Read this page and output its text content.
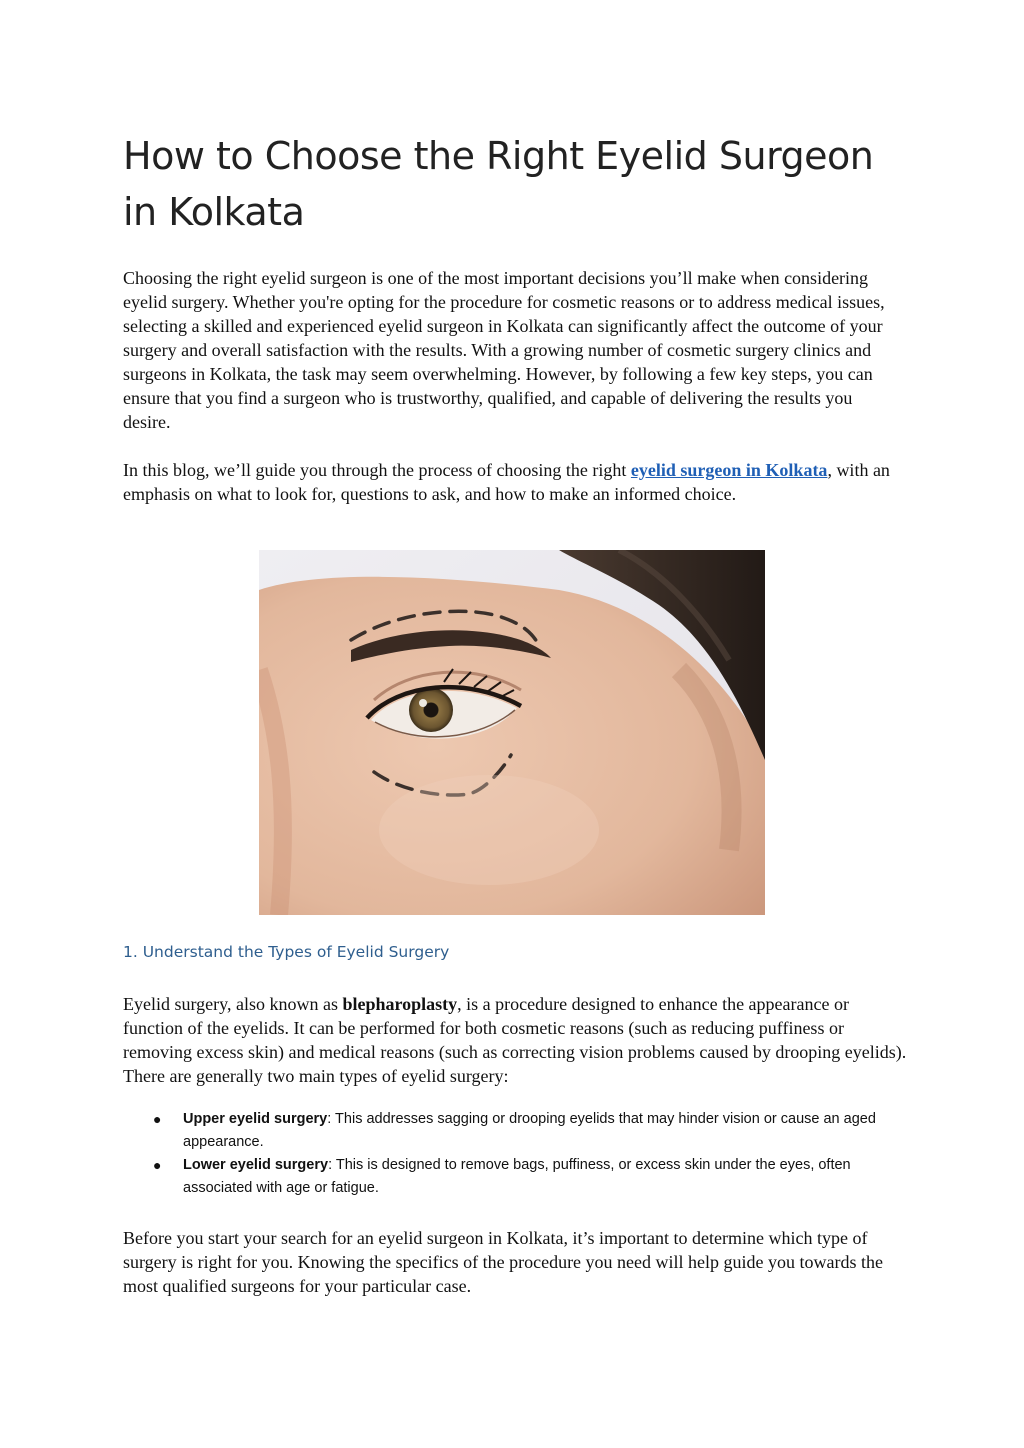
How to Choose the Right Eyelid Surgeon in Kolkata

Choosing the right eyelid surgeon is one of the most important decisions you’ll make when considering eyelid surgery. Whether you're opting for the procedure for cosmetic reasons or to address medical issues, selecting a skilled and experienced eyelid surgeon in Kolkata can significantly affect the outcome of your surgery and overall satisfaction with the results. With a growing number of cosmetic surgery clinics and surgeons in Kolkata, the task may seem overwhelming. However, by following a few key steps, you can ensure that you find a surgeon who is trustworthy, qualified, and capable of delivering the results you desire.

In this blog, we’ll guide you through the process of choosing the right eyelid surgeon in Kolkata, with an emphasis on what to look for, questions to ask, and how to make an informed choice.

1. Understand the Types of Eyelid Surgery

Eyelid surgery, also known as blepharoplasty, is a procedure designed to enhance the appearance or function of the eyelids. It can be performed for both cosmetic reasons (such as reducing puffiness or removing excess skin) and medical reasons (such as correcting vision problems caused by drooping eyelids). There are generally two main types of eyelid surgery:

● Upper eyelid surgery: This addresses sagging or drooping eyelids that may hinder vision or cause an aged appearance.
● Lower eyelid surgery: This is designed to remove bags, puffiness, or excess skin under the eyes, often associated with age or fatigue.

Before you start your search for an eyelid surgeon in Kolkata, it’s important to determine which type of surgery is right for you. Knowing the specifics of the procedure you need will help guide you towards the most qualified surgeons for your particular case.
